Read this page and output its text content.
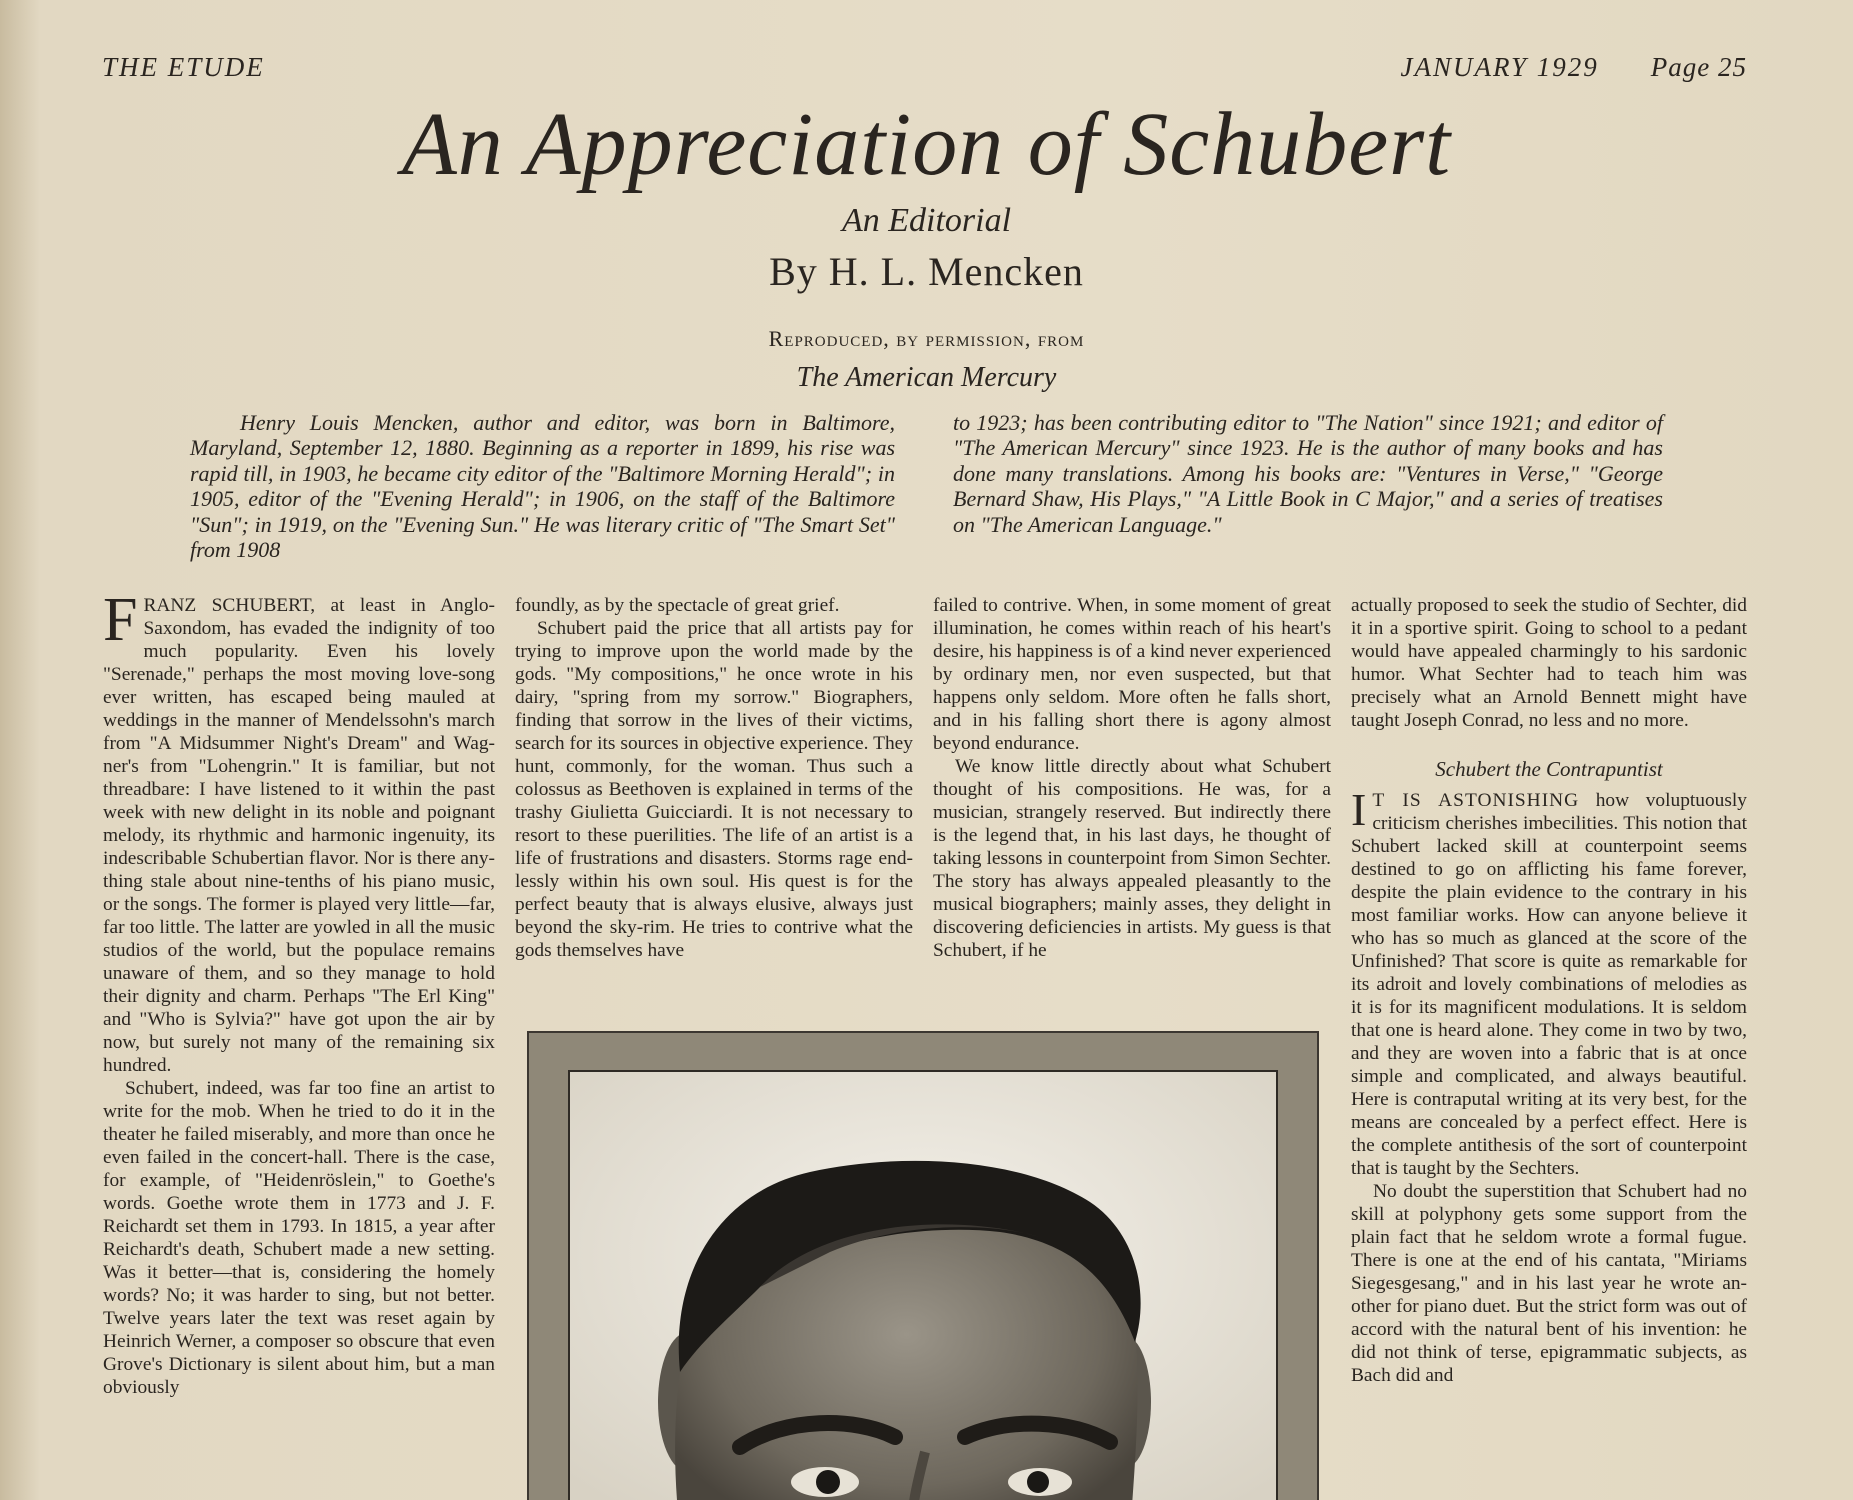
THE ETUDE	JANUARY 1929 Page 25
An Appreciation of Schubert
An Editorial
By H. L. Mencken
Reproduced, by permission, from
The American Mercury
Henry Louis Mencken, author and editor, was born in Baltimore, Maryland, September 12, 1880. Beginning as a reporter in 1899, his rise was rapid till, in 1903, he became city editor of the "Baltimore Morning Herald"; in 1905, editor of the "Evening Herald"; in 1906, on the staff of the Baltimore "Sun"; in 1919, on the "Evening Sun." He was literary critic of "The Smart Set" from 1908
to 1923; has been contributing editor to "The Nation" since 1921; and editor of "The American Mercury" since 1923. He is the author of many books and has done many translations. Among his books are: "Ventures in Verse," "George Bernard Shaw, His Plays," "A Little Book in C Major," and a series of treatises on "The American Language."

FRANZ SCHUBERT, at least in Anglo-Saxondom, has evaded the indignity of too much popularity. Even his lovely "Serenade," perhaps the most moving love-song ever written, has escaped being mauled at weddings in the manner of Mendelssohn's march from "A Midsummer Night's Dream" and Wagner's from "Lohengrin." It is familiar, but not threadbare: I have listened to it within the past week with new delight in its noble and poignant melody, its rhythmic and harmonic ingenuity, its indescribable Schubertian flavor. Nor is there anything stale about nine-tenths of his piano music, or the songs. The former is played very little—far, far too little. The latter are yowled in all the music studios of the world, but the populace remains unaware of them, and so they manage to hold their dignity and charm. Perhaps "The Erl King" and "Who is Sylvia?" have got upon the air by now, but surely not many of the remaining six hundred.

Schubert, indeed, was far too fine an artist to write for the mob. When he tried to do it in the theater he failed miserably, and more than once he even failed in the concert-hall. There is the case, for example, of "Heidenröslein," to Goethe's words. Goethe wrote them in 1773 and J. F. Reichardt set them in 1793. In 1815, a year after Reichardt's death, Schubert made a new setting. Was it better—that is, considering the homely words? No; it was harder to sing, but not better. Twelve years later the text was reset again by Heinrich Werner, a composer so obscure that even Grove's Dictionary is silent about him, but a man obviously

foundly, as by the spectacle of great grief.

Schubert paid the price that all artists pay for trying to improve upon the world made by the gods. "My compositions," he once wrote in his dairy, "spring from my sorrow." Biographers, finding that sorrow in the lives of their victims, search for its sources in objective experience. They hunt, commonly, for the woman. Thus such a colossus as Beethoven is explained in terms of the trashy Giulietta Guicciardi. It is not necessary to resort to these puerilities. The life of an artist is a life of frustrations and disasters. Storms rage endlessly within his own soul. His quest is for the perfect beauty that is always elusive, always just beyond the sky-rim. He tries to contrive what the gods themselves have

failed to contrive. When, in some moment of great illumination, he comes within reach of his heart's desire, his happiness is of a kind never experienced by ordinary men, nor even suspected, but that happens only seldom. More often he falls short, and in his falling short there is agony almost beyond endurance.

We know little directly about what Schubert thought of his compositions. He was, for a musician, strangely reserved. But indirectly there is the legend that, in his last days, he thought of taking lessons in counterpoint from Simon Sechter. The story has always appealed pleasantly to the musical biographers; mainly asses, they delight in discovering deficiencies in artists. My guess is that Schubert, if he

actually proposed to seek the studio of Sechter, did it in a sportive spirit. Going to school to a pedant would have appealed charmingly to his sardonic humor. What Sechter had to teach him was precisely what an Arnold Bennett might have taught Joseph Conrad, no less and no more.

Schubert the Contrapuntist

I T IS ASTONISHING how voluptuously criticism cherishes imbecilities. This notion that Schubert lacked skill at counterpoint seems destined to go on afflicting his fame forever, despite the plain evidence to the contrary in his most familiar works. How can anyone believe it who has so much as glanced at the score of the Unfinished? That score is quite as remarkable for its adroit and lovely combinations of melodies as it is for its magnificent modulations. It is seldom that one is heard alone. They come in two by two, and they are woven into a fabric that is at once simple and complicated, and always beautiful. Here is contraputal writing at its very best, for the means are concealed by a perfect effect. Here is the complete antithesis of the sort of counterpoint that is taught by the Sechters.

No doubt the superstition that Schubert had no skill at polyphony gets some support from the plain fact that he seldom wrote a formal fugue. There is one at the end of his cantata, "Miriams Siegesgesang," and in his last year he wrote another for piano duet. But the strict form was out of accord with the natural bent of his invention: he did not think of terse, epigrammatic subjects, as Bach did and
